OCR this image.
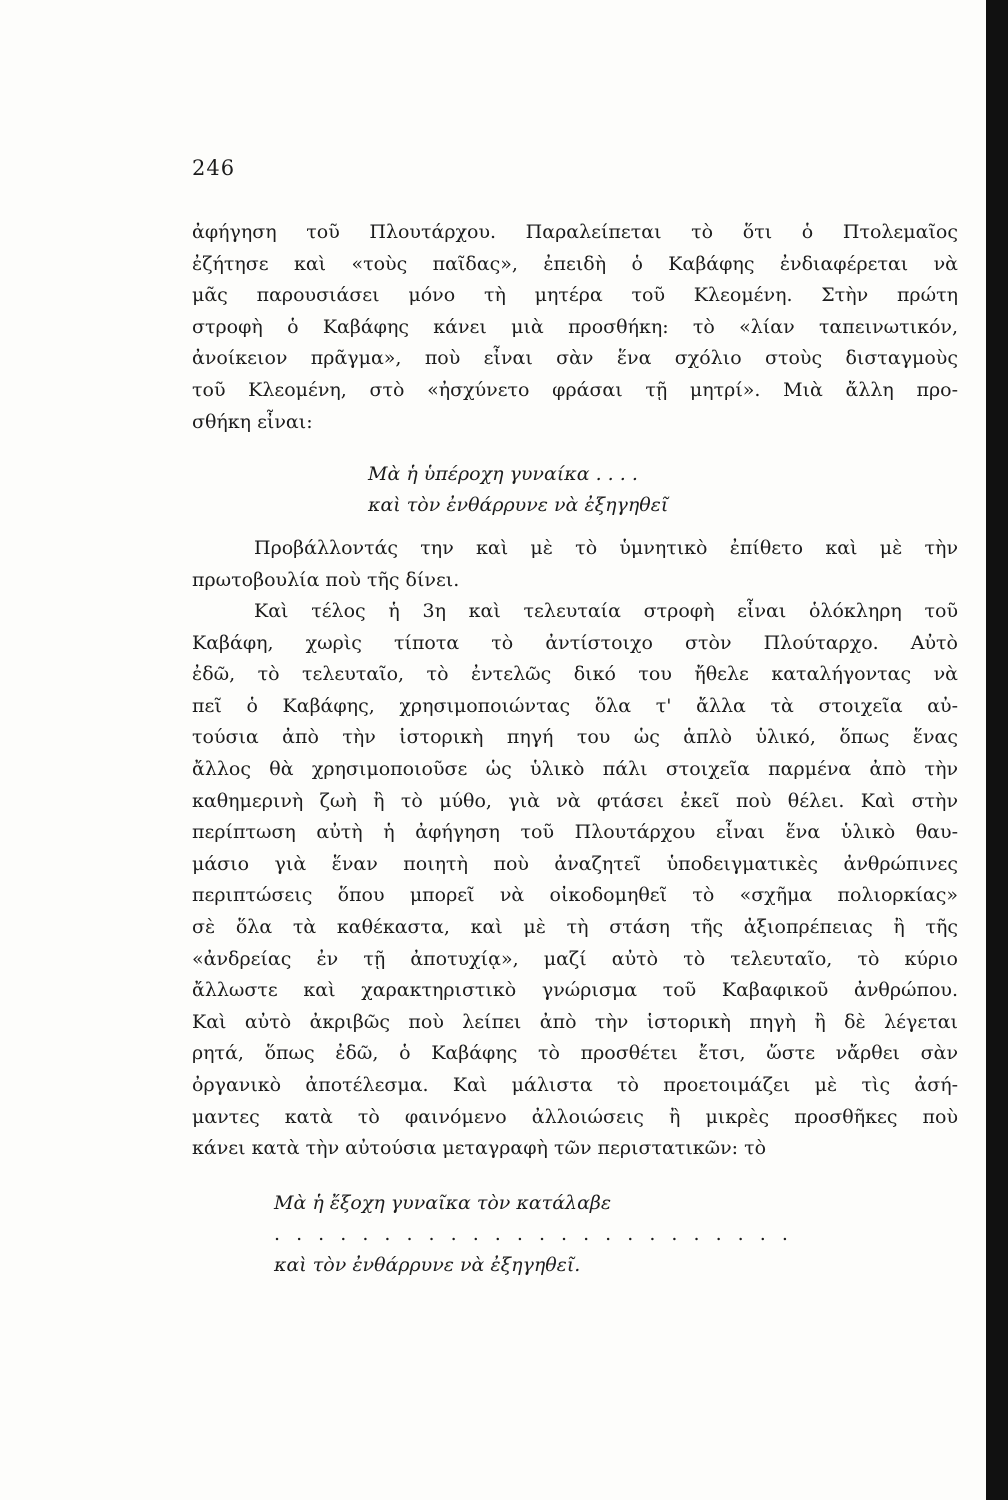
246
ἀφήγηση τοῦ Πλουτάρχου. Παραλείπεται τὸ ὅτι ὁ Πτολεμαῖος
ἐζήτησε καὶ «τοὺς παῖδας», ἐπειδὴ ὁ Καβάφης ἐνδιαφέρεται νὰ
μᾶς παρουσιάσει μόνο τὴ μητέρα τοῦ Κλεομένη. Στὴν πρώτη
στροφὴ ὁ Καβάφης κάνει μιὰ προσθήκη: τὸ «λίαν ταπεινωτικόν,
ἀνοίκειον πρᾶγμα», ποὺ εἶναι σὰν ἕνα σχόλιο στοὺς δισταγμοὺς
τοῦ Κλεομένη, στὸ «ἠσχύνετο φράσαι τῇ μητρί». Μιὰ ἄλλη προ-
σθήκη εἶναι:
Μὰ ἡ ὑπέροχη γυναίκα . . . .
καὶ τὸν ἐνθάρρυνε νὰ ἐξηγηθεῖ
Προβάλλοντάς την καὶ μὲ τὸ ὑμνητικὸ ἐπίθετο καὶ μὲ τὴν
πρωτοβουλία ποὺ τῆς δίνει.
Καὶ τέλος ἡ 3η καὶ τελευταία στροφὴ εἶναι ὁλόκληρη τοῦ
Καβάφη, χωρὶς τίποτα τὸ ἀντίστοιχο στὸν Πλούταρχο. Αὐτὸ
ἐδῶ, τὸ τελευταῖο, τὸ ἐντελῶς δικό του ἤθελε καταλήγοντας νὰ
πεῖ ὁ Καβάφης, χρησιμοποιώντας ὅλα τ' ἄλλα τὰ στοιχεῖα αὐ-
τούσια ἀπὸ τὴν ἱστορικὴ πηγή του ὡς ἁπλὸ ὑλικό, ὅπως ἕνας
ἄλλος θὰ χρησιμοποιοῦσε ὡς ὑλικὸ πάλι στοιχεῖα παρμένα ἀπὸ τὴν
καθημερινὴ ζωὴ ἢ τὸ μύθο, γιὰ νὰ φτάσει ἐκεῖ ποὺ θέλει. Καὶ στὴν
περίπτωση αὐτὴ ἡ ἀφήγηση τοῦ Πλουτάρχου εἶναι ἕνα ὑλικὸ θαυ-
μάσιο γιὰ ἕναν ποιητὴ ποὺ ἀναζητεῖ ὑποδειγματικὲς ἀνθρώπινες
περιπτώσεις ὅπου μπορεῖ νὰ οἰκοδομηθεῖ τὸ «σχῆμα πολιορκίας»
σὲ ὅλα τὰ καθέκαστα, καὶ μὲ τὴ στάση τῆς ἀξιοπρέπειας ἢ τῆς
«ἀνδρείας ἐν τῇ ἀποτυχίᾳ», μαζί αὐτὸ τὸ τελευταῖο, τὸ κύριο
ἄλλωστε καὶ χαρακτηριστικὸ γνώρισμα τοῦ Καβαφικοῦ ἀνθρώπου.
Καὶ αὐτὸ ἀκριβῶς ποὺ λείπει ἀπὸ τὴν ἱστορικὴ πηγὴ ἢ δὲ λέγεται
ρητά, ὅπως ἐδῶ, ὁ Καβάφης τὸ προσθέτει ἔτσι, ὥστε νἄρθει σὰν
ὀργανικὸ ἀποτέλεσμα. Καὶ μάλιστα τὸ προετοιμάζει μὲ τὶς ἀσή-
μαντες κατὰ τὸ φαινόμενο ἀλλοιώσεις ἢ μικρὲς προσθῆκες ποὺ
κάνει κατὰ τὴν αὐτούσια μεταγραφὴ τῶν περιστατικῶν: τὸ
Μὰ ἡ ἔξοχη γυναῖκα τὸν κατάλαβε
. . . . . . . . . . . . . . . . . . . . . . . .
καὶ τὸν ἐνθάρρυνε νὰ ἐξηγηθεῖ.
